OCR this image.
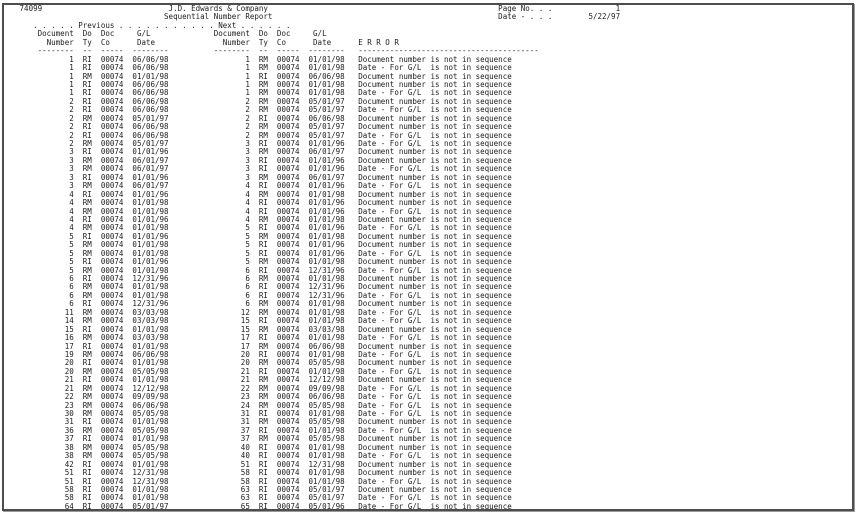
74099                            J.D. Edwards & Company                                                   Page No. . .              1
Sequential Number Report                                                  Date - . . .        5/22/97
. . . . . Previous . . . . . . . . . . . Next . . . . . .
Document  Do  Doc     G/L              Document  Do  Doc     G/L
Number  Ty  Co      Date               Number  Ty  Co      Date      E R R O R
--------  --  -----  --------          --------  --  -----  --------   ----------------------------------------
1  RI  00074  06/06/98                 1  RM  00074  01/01/98   Document number is not in sequence
1  RI  00074  06/06/98                 1  RM  00074  01/01/98   Date - For G/L  is not in sequence
1  RM  00074  01/01/98                 1  RI  00074  06/06/98   Document number is not in sequence
1  RI  00074  06/06/98                 1  RM  00074  01/01/98   Document number is not in sequence
1  RI  00074  06/06/98                 1  RM  00074  01/01/98   Date - For G/L  is not in sequence
2  RI  00074  06/06/98                 2  RM  00074  05/01/97   Document number is not in sequence
2  RI  00074  06/06/98                 2  RM  00074  05/01/97   Date - For G/L  is not in sequence
2  RM  00074  05/01/97                 2  RI  00074  06/06/98   Document number is not in sequence
2  RI  00074  06/06/98                 2  RM  00074  05/01/97   Document number is not in sequence
2  RI  00074  06/06/98                 2  RM  00074  05/01/97   Date - For G/L  is not in sequence
2  RM  00074  05/01/97                 3  RI  00074  01/01/96   Date - For G/L  is not in sequence
3  RI  00074  01/01/96                 3  RM  00074  06/01/97   Document number is not in sequence
3  RM  00074  06/01/97                 3  RI  00074  01/01/96   Document number is not in sequence
3  RM  00074  06/01/97                 3  RI  00074  01/01/96   Date - For G/L  is not in sequence
3  RI  00074  01/01/96                 3  RM  00074  06/01/97   Document number is not in sequence
3  RM  00074  06/01/97                 4  RI  00074  01/01/96   Date - For G/L  is not in sequence
4  RI  00074  01/01/96                 4  RM  00074  01/01/98   Document number is not in sequence
4  RM  00074  01/01/98                 4  RI  00074  01/01/96   Document number is not in sequence
4  RM  00074  01/01/98                 4  RI  00074  01/01/96   Date - For G/L  is not in sequence
4  RI  00074  01/01/96                 4  RM  00074  01/01/98   Document number is not in sequence
4  RM  00074  01/01/98                 5  RI  00074  01/01/96   Date - For G/L  is not in sequence
5  RI  00074  01/01/96                 5  RM  00074  01/01/98   Document number is not in sequence
5  RM  00074  01/01/98                 5  RI  00074  01/01/96   Document number is not in sequence
5  RM  00074  01/01/98                 5  RI  00074  01/01/96   Date - For G/L  is not in sequence
5  RI  00074  01/01/96                 5  RM  00074  01/01/98   Document number is not in sequence
5  RM  00074  01/01/98                 6  RI  00074  12/31/96   Date - For G/L  is not in sequence
6  RI  00074  12/31/96                 6  RM  00074  01/01/98   Document number is not in sequence
6  RM  00074  01/01/98                 6  RI  00074  12/31/96   Document number is not in sequence
6  RM  00074  01/01/98                 6  RI  00074  12/31/96   Date - For G/L  is not in sequence
6  RI  00074  12/31/96                 6  RM  00074  01/01/98   Document number is not in sequence
11  RM  00074  03/03/98                12  RM  00074  01/01/98   Date - For G/L  is not in sequence
14  RM  00074  03/03/98                15  RI  00074  01/01/98   Date - For G/L  is not in sequence
15  RI  00074  01/01/98                15  RM  00074  03/03/98   Document number is not in sequence
16  RM  00074  03/03/98                17  RI  00074  01/01/98   Date - For G/L  is not in sequence
17  RI  00074  01/01/98                17  RM  00074  06/06/98   Document number is not in sequence
19  RM  00074  06/06/98                20  RI  00074  01/01/98   Date - For G/L  is not in sequence
20  RI  00074  01/01/98                20  RM  00074  05/05/98   Document number is not in sequence
20  RM  00074  05/05/98                21  RI  00074  01/01/98   Date - For G/L  is not in sequence
21  RI  00074  01/01/98                21  RM  00074  12/12/98   Document number is not in sequence
21  RM  00074  12/12/98                22  RM  00074  09/09/98   Date - For G/L  is not in sequence
22  RM  00074  09/09/98                23  RM  00074  06/06/98   Date - For G/L  is not in sequence
23  RM  00074  06/06/98                24  RM  00074  05/05/98   Date - For G/L  is not in sequence
30  RM  00074  05/05/98                31  RI  00074  01/01/98   Date - For G/L  is not in sequence
31  RI  00074  01/01/98                31  RM  00074  05/05/98   Document number is not in sequence
36  RM  00074  05/05/98                37  RI  00074  01/01/98   Date - For G/L  is not in sequence
37  RI  00074  01/01/98                37  RM  00074  05/05/98   Document number is not in sequence
38  RM  00074  05/05/98                40  RI  00074  01/01/98   Document number is not in sequence
38  RM  00074  05/05/98                40  RI  00074  01/01/98   Date - For G/L  is not in sequence
42  RI  00074  01/01/98                51  RI  00074  12/31/98   Document number is not in sequence
51  RI  00074  12/31/98                58  RI  00074  01/01/98   Document number is not in sequence
51  RI  00074  12/31/98                58  RI  00074  01/01/98   Date - For G/L  is not in sequence
58  RI  00074  01/01/98                63  RI  00074  05/01/97   Document number is not in sequence
58  RI  00074  01/01/98                63  RI  00074  05/01/97   Date - For G/L  is not in sequence
64  RI  00074  05/01/97                65  RI  00074  05/01/96   Date - For G/L  is not in sequence
